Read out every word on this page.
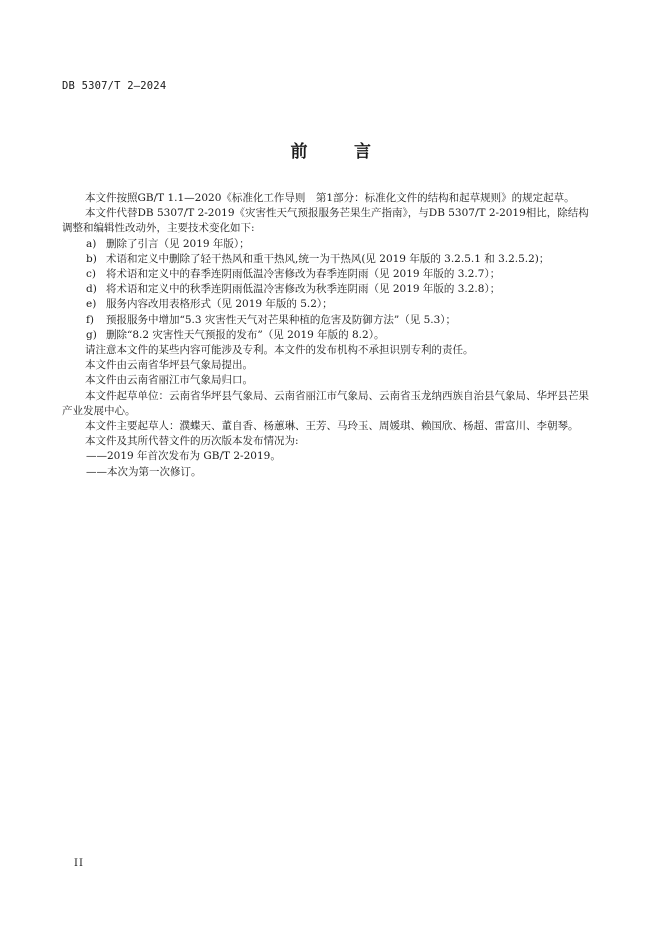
DB 5307/T 2—2024
前	言

本文件按照GB/T 1.1—2020《标准化工作导则　第1部分：标准化文件的结构和起草规则》的规定起草。

本文件代替DB 5307/T 2-2019《灾害性天气预报服务芒果生产指南》，与DB 5307/T 2-2019相比，除结构调整和编辑性改动外，主要技术变化如下:

a) 删除了引言（见 2019 年版）；
b) 术语和定义中删除了轻干热风和重干热风,统一为干热风(见 2019 年版的 3.2.5.1 和 3.2.5.2)；
c) 将术语和定义中的春季连阴雨低温冷害修改为春季连阴雨（见 2019 年版的 3.2.7）；
d) 将术语和定义中的秋季连阴雨低温冷害修改为秋季连阴雨（见 2019 年版的 3.2.8）；
e) 服务内容改用表格形式（见 2019 年版的 5.2）；
f)	预报服务中增加“5.3 灾害性天气对芒果种植的危害及防御方法”（见 5.3）；
g) 删除“8.2 灾害性天气预报的发布”（见 2019 年版的 8.2）。

请注意本文件的某些内容可能涉及专利。本文件的发布机构不承担识别专利的责任。

本文件由云南省华坪县气象局提出。

本文件由云南省丽江市气象局归口。

本文件起草单位：云南省华坪县气象局、云南省丽江市气象局、云南省玉龙纳西族自治县气象局、华坪县芒果产业发展中心。

本文件主要起草人：濮蝶天、董自香、杨蕙琳、王芳、马玲玉、周媛琪、赖国欣、杨超、雷富川、李朝琴。

本文件及其所代替文件的历次版本发布情况为:

——2019 年首次发布为 GB/T 2-2019。

——本次为第一次修订。

II
